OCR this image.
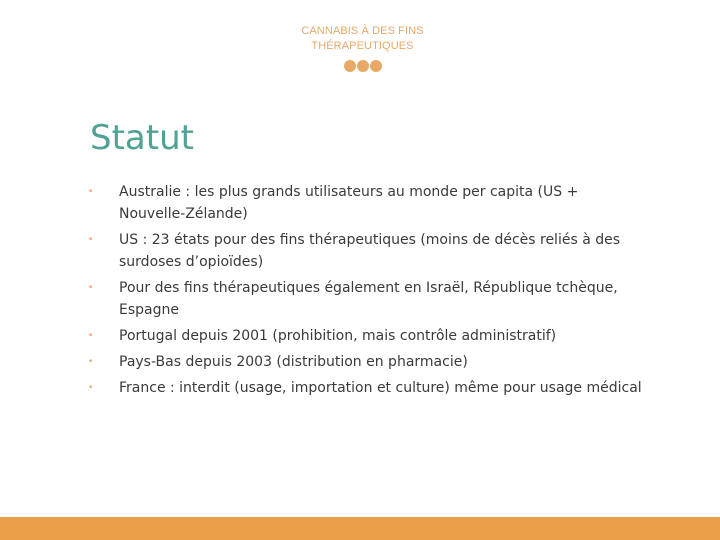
CANNABIS À DES FINS
THÉRAPEUTIQUES
Statut
• Australie : les plus grands utilisateurs au monde per capita (US + Nouvelle-Zélande)
• US : 23 états pour des fins thérapeutiques (moins de décès reliés à des surdoses d’opioïdes)
• Pour des fins thérapeutiques également en Israël, République tchèque, Espagne
• Portugal depuis 2001 (prohibition, mais contrôle administratif)
• Pays-Bas depuis 2003 (distribution en pharmacie)
• France : interdit (usage, importation et culture) même pour usage médical
